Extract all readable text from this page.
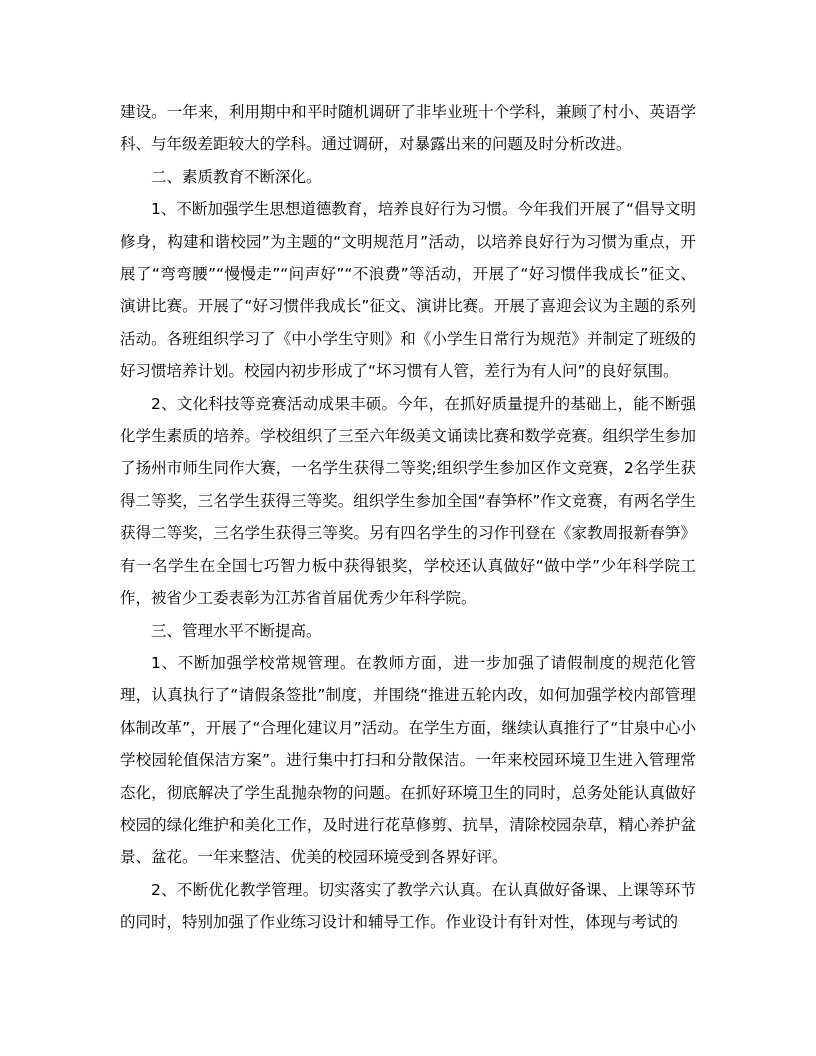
建设。一年来，利用期中和平时随机调研了非毕业班十个学科，兼顾了村小、英语学科、与年级差距较大的学科。通过调研，对暴露出来的问题及时分析改进。

二、素质教育不断深化。

1、不断加强学生思想道德教育，培养良好行为习惯。今年我们开展了“倡导文明修身，构建和谐校园”为主题的“文明规范月”活动，以培养良好行为习惯为重点，开展了“弯弯腰”“慢慢走”“问声好”“不浪费”等活动，开展了“好习惯伴我成长”征文、演讲比赛。开展了“好习惯伴我成长”征文、演讲比赛。开展了喜迎会议为主题的系列活动。各班组织学习了《中小学生守则》和《小学生日常行为规范》并制定了班级的好习惯培养计划。校园内初步形成了“坏习惯有人管，差行为有人问”的良好氛围。

2、文化科技等竞赛活动成果丰硕。今年，在抓好质量提升的基础上，能不断强化学生素质的培养。学校组织了三至六年级美文诵读比赛和数学竞赛。组织学生参加了扬州市师生同作大赛，一名学生获得二等奖;组织学生参加区作文竞赛，2名学生获得二等奖，三名学生获得三等奖。组织学生参加全国“春笋杯”作文竞赛，有两名学生获得二等奖，三名学生获得三等奖。另有四名学生的习作刊登在《家教周报新春笋》有一名学生在全国七巧智力板中获得银奖，学校还认真做好“做中学”少年科学院工作，被省少工委表彰为江苏省首届优秀少年科学院。

三、管理水平不断提高。

1、不断加强学校常规管理。在教师方面，进一步加强了请假制度的规范化管理，认真执行了“请假条签批”制度，并围绕“推进五轮内改，如何加强学校内部管理体制改革”，开展了“合理化建议月”活动。在学生方面，继续认真推行了“甘泉中心小学校园轮值保洁方案”。进行集中打扫和分散保洁。一年来校园环境卫生进入管理常态化，彻底解决了学生乱抛杂物的问题。在抓好环境卫生的同时，总务处能认真做好校园的绿化维护和美化工作，及时进行花草修剪、抗旱，清除校园杂草，精心养护盆景、盆花。一年来整洁、优美的校园环境受到各界好评。

2、不断优化教学管理。切实落实了教学六认真。在认真做好备课、上课等环节的同时，特别加强了作业练习设计和辅导工作。作业设计有针对性，体现与考试的
